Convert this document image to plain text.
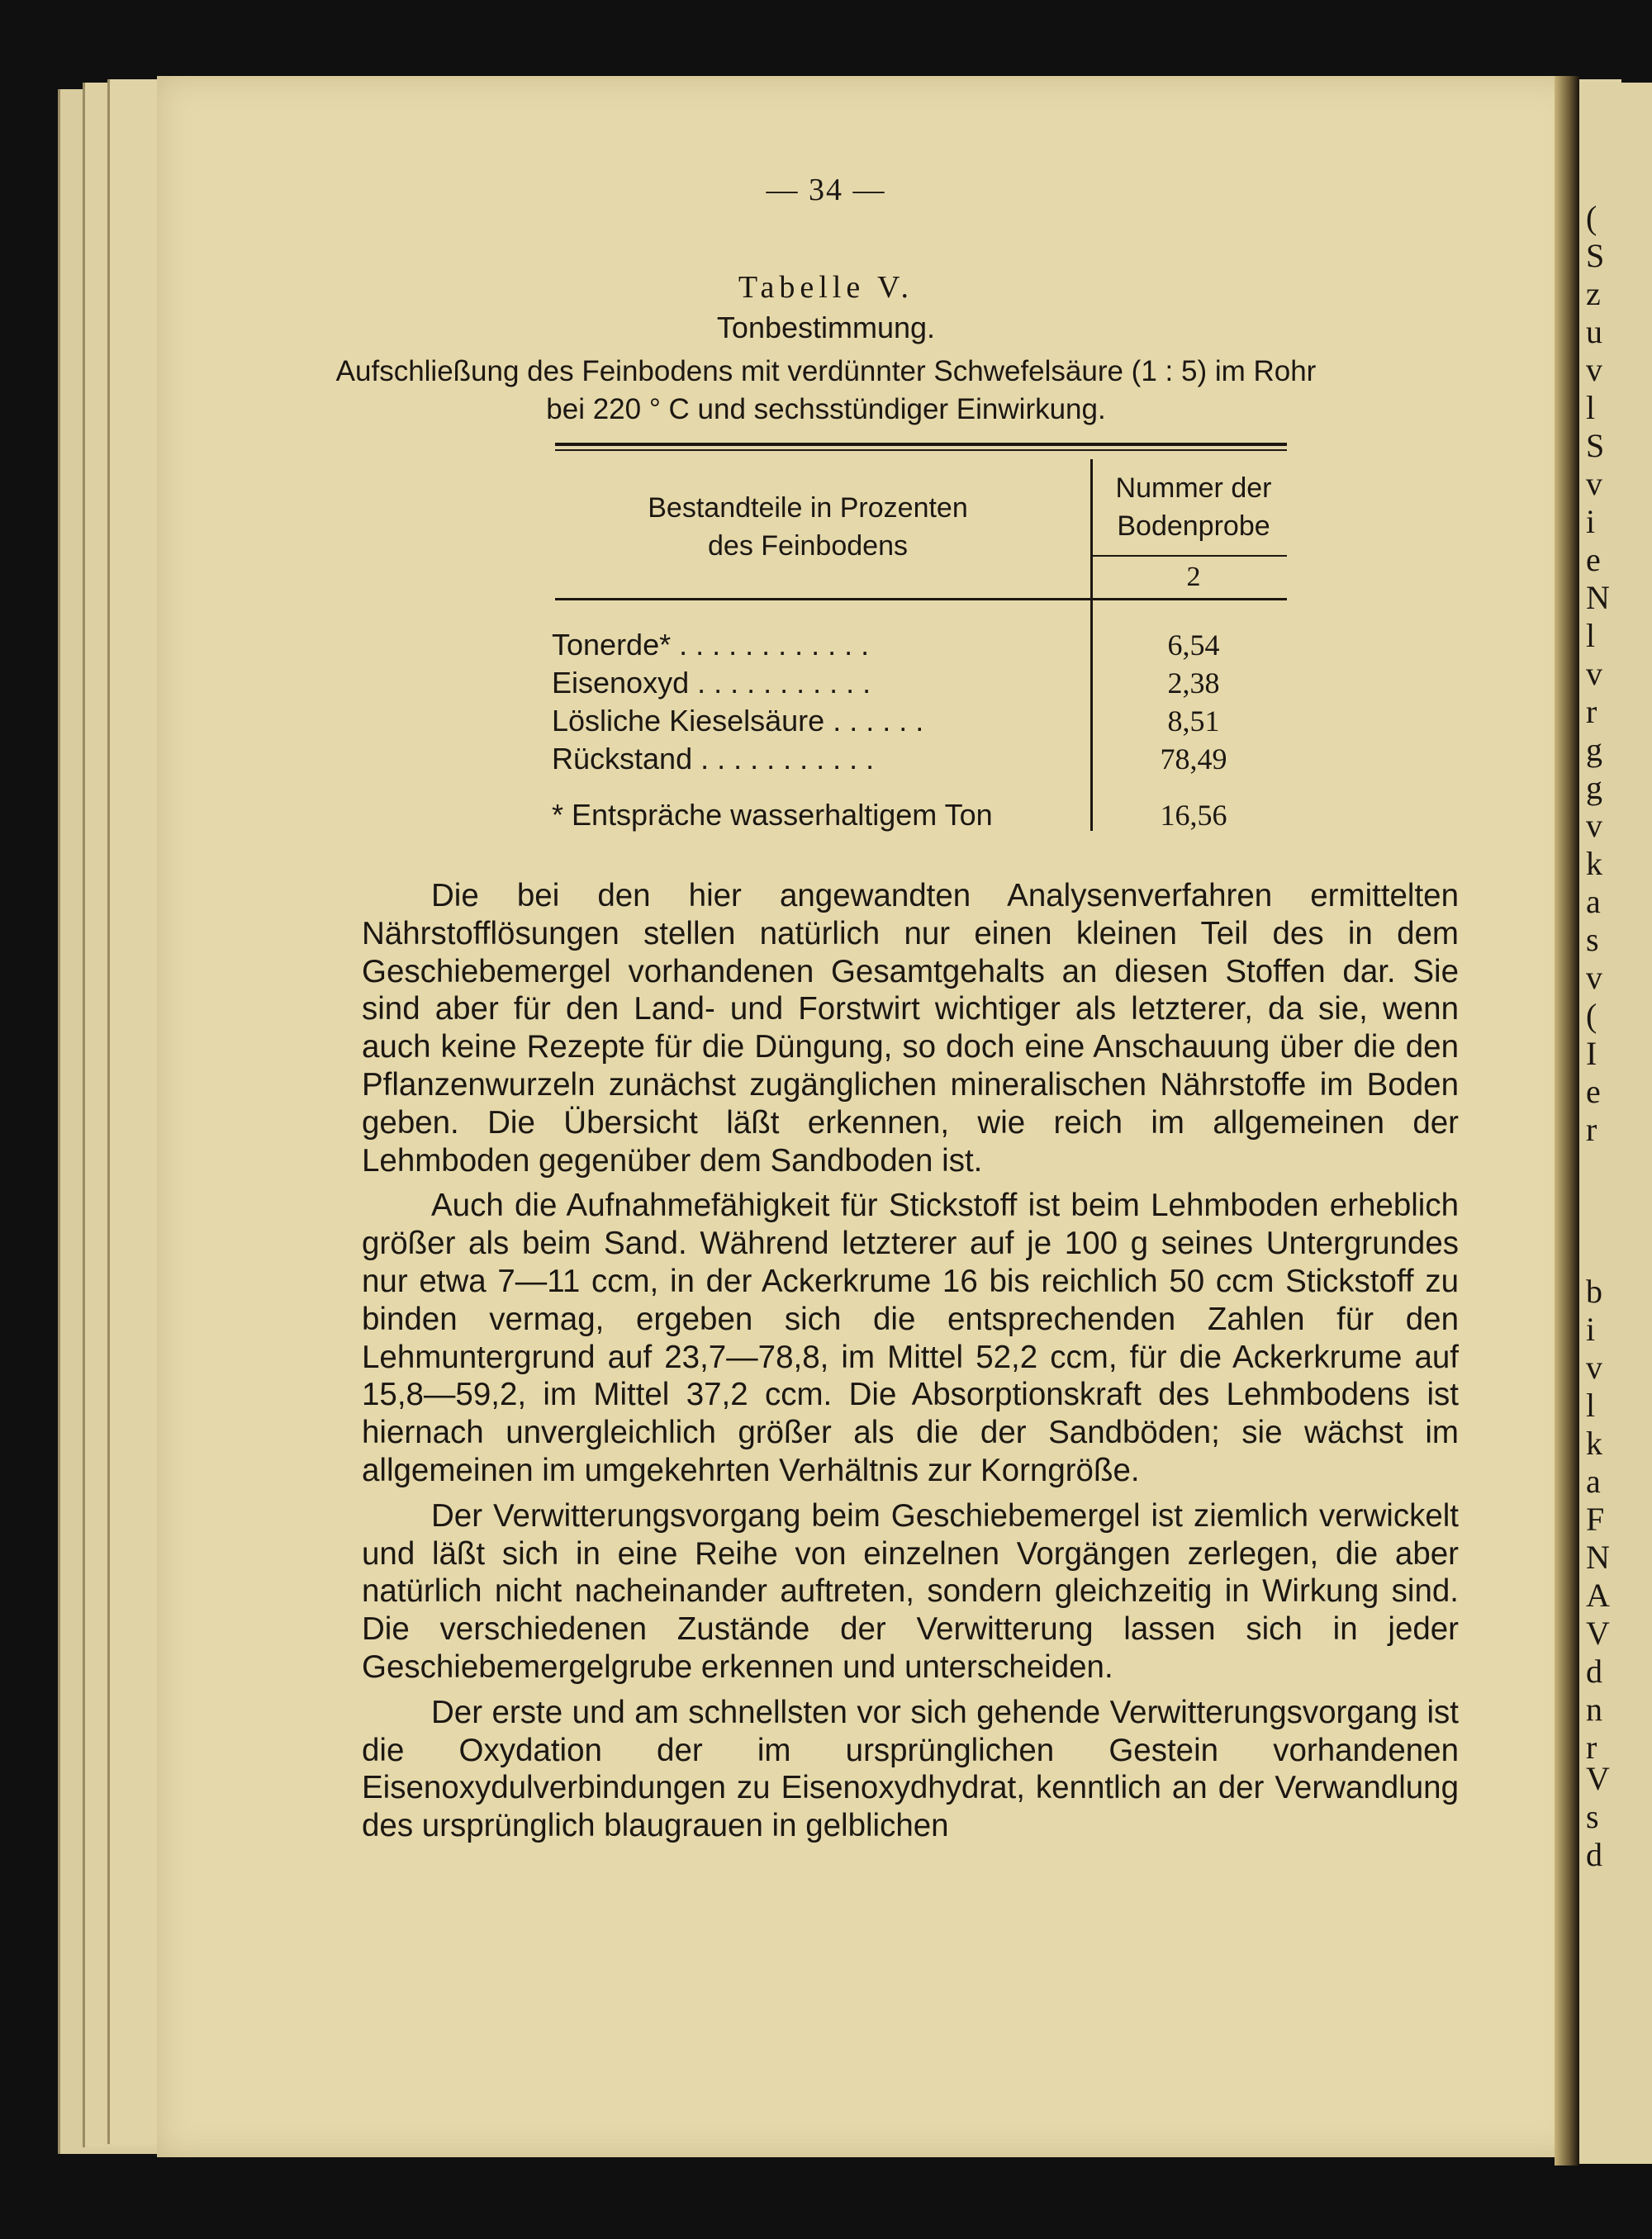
(
S
z
u
v
l
S
v
i
e
N
l
v
r
g
g
v
k
a
s
v
(
I
e
r
b
i
v
l
k
a
F
N
A
V
d
n
r
V
s
d
— 34 —
Tabelle V.
Tonbestimmung.
Aufschließung des Feinbodens mit verdünnter Schwefelsäure (1 : 5) im Rohr
bei 220 ° C und sechsstündiger Einwirkung.
Bestandteile in Prozenten
des Feinbodens
Nummer der
Bodenprobe
2
Tonerde* . . . . . . . . . . . .	6,54
Eisenoxyd . . . . . . . . . . .	2,38
Lösliche Kieselsäure . . . . . .	8,51
Rückstand . . . . . . . . . . .	78,49
* Entspräche wasserhaltigem Ton	16,56

Die bei den hier angewandten Analysenverfahren ermittelten Nährstofflösungen stellen natürlich nur einen kleinen Teil des in dem Geschiebemergel vorhandenen Gesamtgehalts an diesen Stoffen dar. Sie sind aber für den Land- und Forstwirt wichtiger als letzterer, da sie, wenn auch keine Rezepte für die Düngung, so doch eine Anschauung über die den Pflanzenwurzeln zunächst zugänglichen mineralischen Nährstoffe im Boden geben. Die Übersicht läßt erkennen, wie reich im allgemeinen der Lehmboden gegenüber dem Sandboden ist.

Auch die Aufnahmefähigkeit für Stickstoff ist beim Lehmboden erheblich größer als beim Sand. Während letzterer auf je 100 g seines Untergrundes nur etwa 7—11 ccm, in der Ackerkrume 16 bis reichlich 50 ccm Stickstoff zu binden vermag, ergeben sich die entsprechenden Zahlen für den Lehmuntergrund auf 23,7—78,8, im Mittel 52,2 ccm, für die Ackerkrume auf 15,8—59,2, im Mittel 37,2 ccm. Die Absorptionskraft des Lehmbodens ist hiernach unvergleichlich größer als die der Sandböden; sie wächst im allgemeinen im umgekehrten Verhältnis zur Korngröße.

Der Verwitterungsvorgang beim Geschiebemergel ist ziemlich verwickelt und läßt sich in eine Reihe von einzelnen Vorgängen zerlegen, die aber natürlich nicht nacheinander auftreten, sondern gleichzeitig in Wirkung sind. Die verschiedenen Zustände der Verwitterung lassen sich in jeder Geschiebemergelgrube erkennen und unterscheiden.

Der erste und am schnellsten vor sich gehende Verwitterungsvorgang ist die Oxydation der im ursprünglichen Gestein vorhandenen Eisenoxydulverbindungen zu Eisenoxydhydrat, kenntlich an der Verwandlung des ursprünglich blaugrauen in gelblichen
